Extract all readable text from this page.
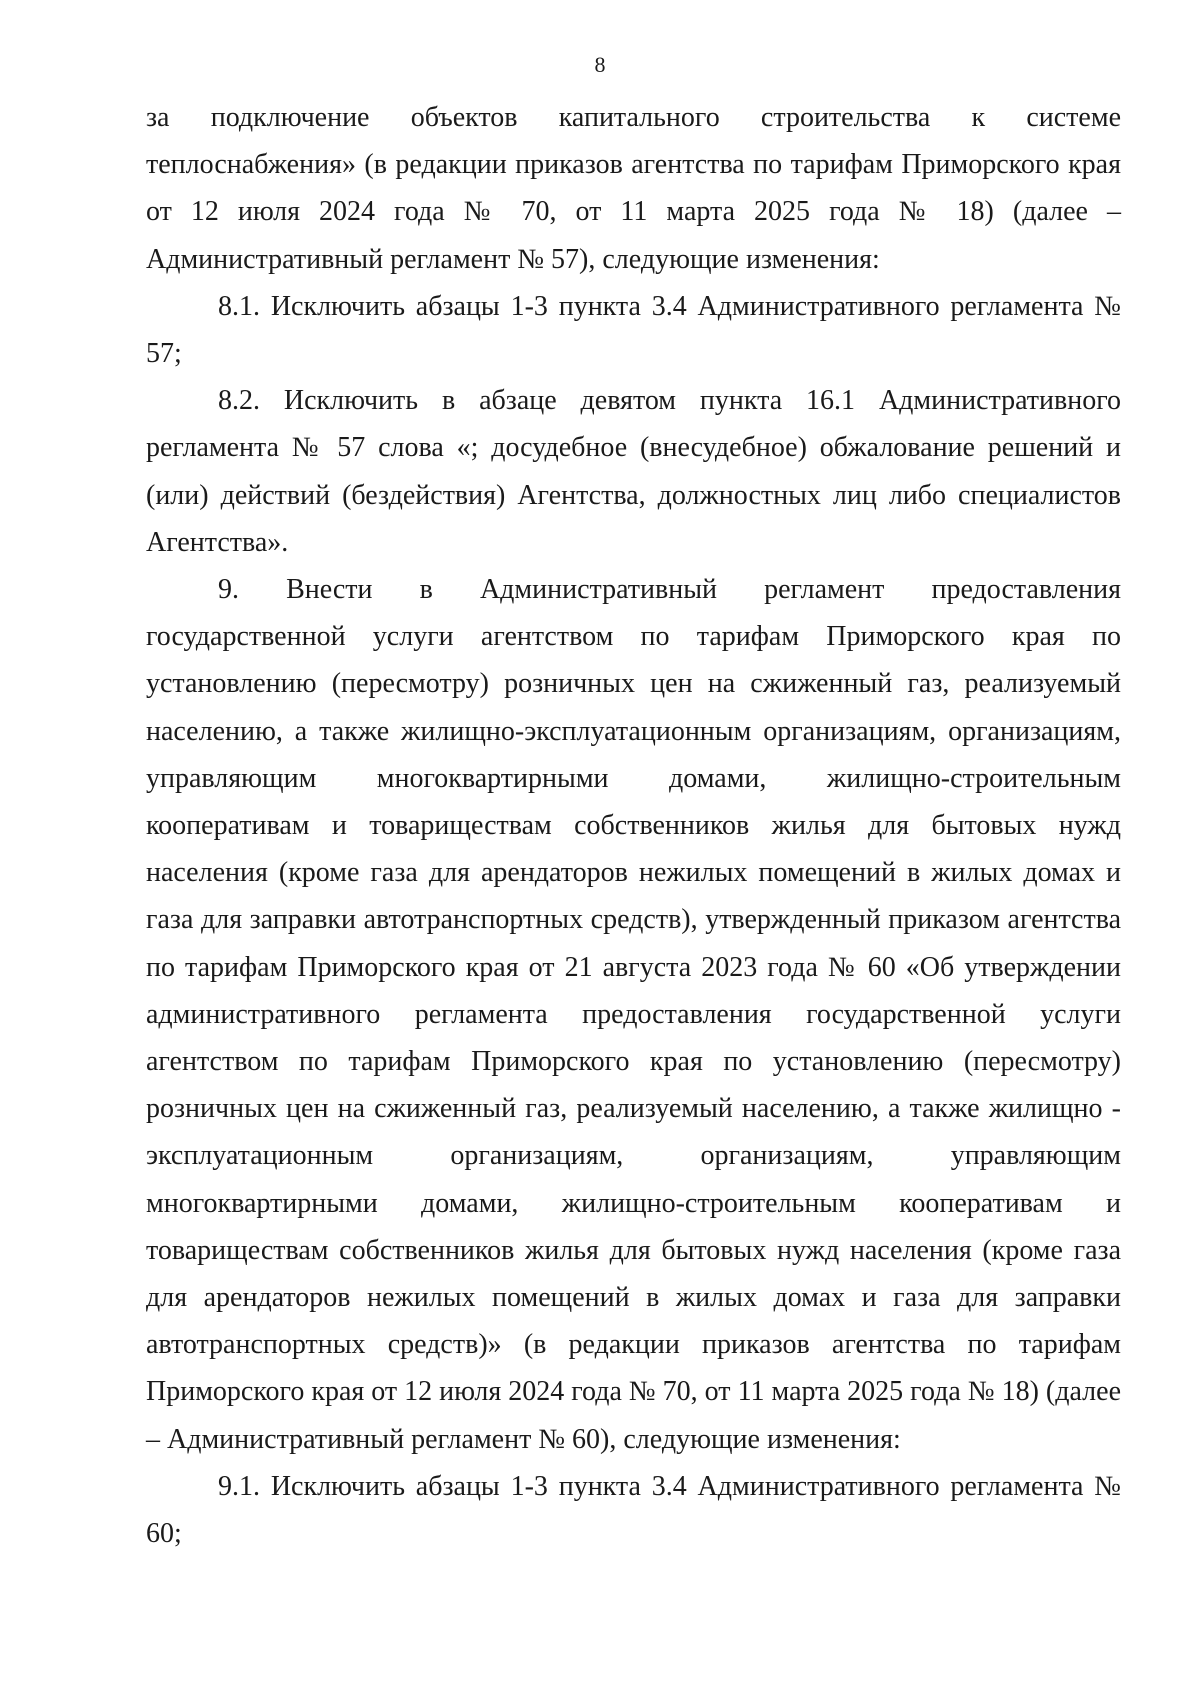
8

за подключение объектов капитального строительства к системе теплоснабжения» (в редакции приказов агентства по тарифам Приморского края от 12 июля 2024 года № 70, от 11 марта 2025 года № 18) (далее – Административный регламент № 57), следующие изменения:

8.1. Исключить абзацы 1-3 пункта 3.4 Административного регламента № 57;

8.2. Исключить в абзаце девятом пункта 16.1 Административного регламента № 57 слова «; досудебное (внесудебное) обжалование решений и (или) действий (бездействия) Агентства, должностных лиц либо специалистов Агентства».

9. Внести в Административный регламент предоставления государственной услуги агентством по тарифам Приморского края по установлению (пересмотру) розничных цен на сжиженный газ, реализуемый населению, а также жилищно-эксплуатационным организациям, организациям, управляющим многоквартирными домами, жилищно-строительным кооперативам и товариществам собственников жилья для бытовых нужд населения (кроме газа для арендаторов нежилых помещений в жилых домах и газа для заправки автотранспортных средств), утвержденный приказом агентства по тарифам Приморского края от 21 августа 2023 года № 60 «Об утверждении административного регламента предоставления государственной услуги агентством по тарифам Приморского края по установлению (пересмотру) розничных цен на сжиженный газ, реализуемый населению, а также жилищно - эксплуатационным организациям, организациям, управляющим многоквартирными домами, жилищно-строительным кооперативам и товариществам собственников жилья для бытовых нужд населения (кроме газа для арендаторов нежилых помещений в жилых домах и газа для заправки автотранспортных средств)» (в редакции приказов агентства по тарифам Приморского края от 12 июля 2024 года № 70, от 11 марта 2025 года № 18) (далее – Административный регламент № 60), следующие изменения:

9.1. Исключить абзацы 1-3 пункта 3.4 Административного регламента № 60;
